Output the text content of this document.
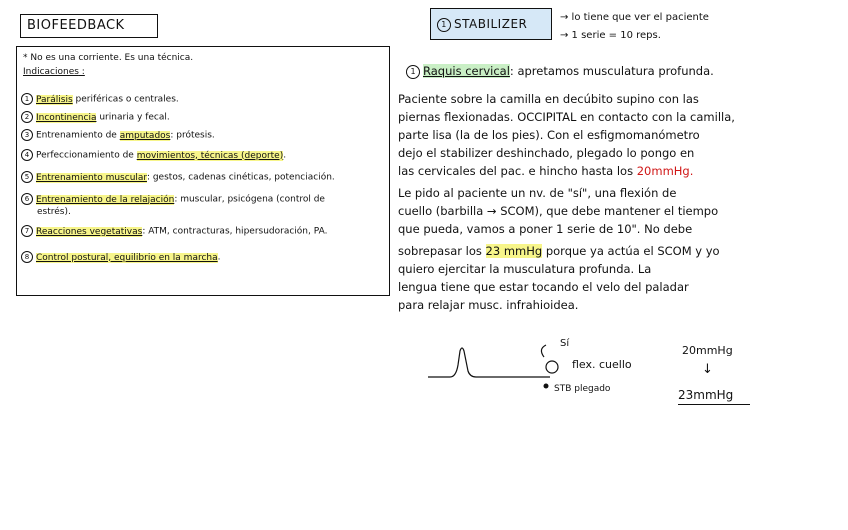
BIOFEEDBACK
* No es una corriente. Es una técnica.
Indicaciones :
1 Parálisis periféricas o centrales.
2 Incontinencia urinaria y fecal.
3 Entrenamiento de amputados: prótesis.
4 Perfeccionamiento de movimientos, técnicas (deporte).
5 Entrenamiento muscular: gestos, cadenas cinéticas, potenciación.
6 Entrenamiento de la relajación: muscular, psicógena (control de
estrés).
7 Reacciones vegetativas: ATM, contracturas, hipersudoración, PA.
8 Control postural, equilibrio en la marcha.
1 STABILIZER	→ lo tiene que ver el paciente
→ 1 serie = 10 reps.
1 Raquis cervical: apretamos musculatura profunda.
Paciente sobre la camilla en decúbito supino con las
piernas flexionadas. OCCIPITAL en contacto con la camilla,
parte lisa (la de los pies). Con el esfigmomanómetro
dejo el stabilizer deshinchado, plegado lo pongo en
las cervicales del pac. e hincho hasta los 20mmHg.
Le pido al paciente un nv. de "sí", una flexión de
cuello (barbilla → SCOM), que debe mantener el tiempo
que pueda, vamos a poner 1 serie de 10". No debe
sobrepasar los 23 mmHg porque ya actúa el SCOM y yo
quiero ejercitar la musculatura profunda. La
lengua tiene que estar tocando el velo del paladar
para relajar musc. infrahioidea.
Sí
flex. cuello
STB plegado
20mmHg
↓
23mmHg
